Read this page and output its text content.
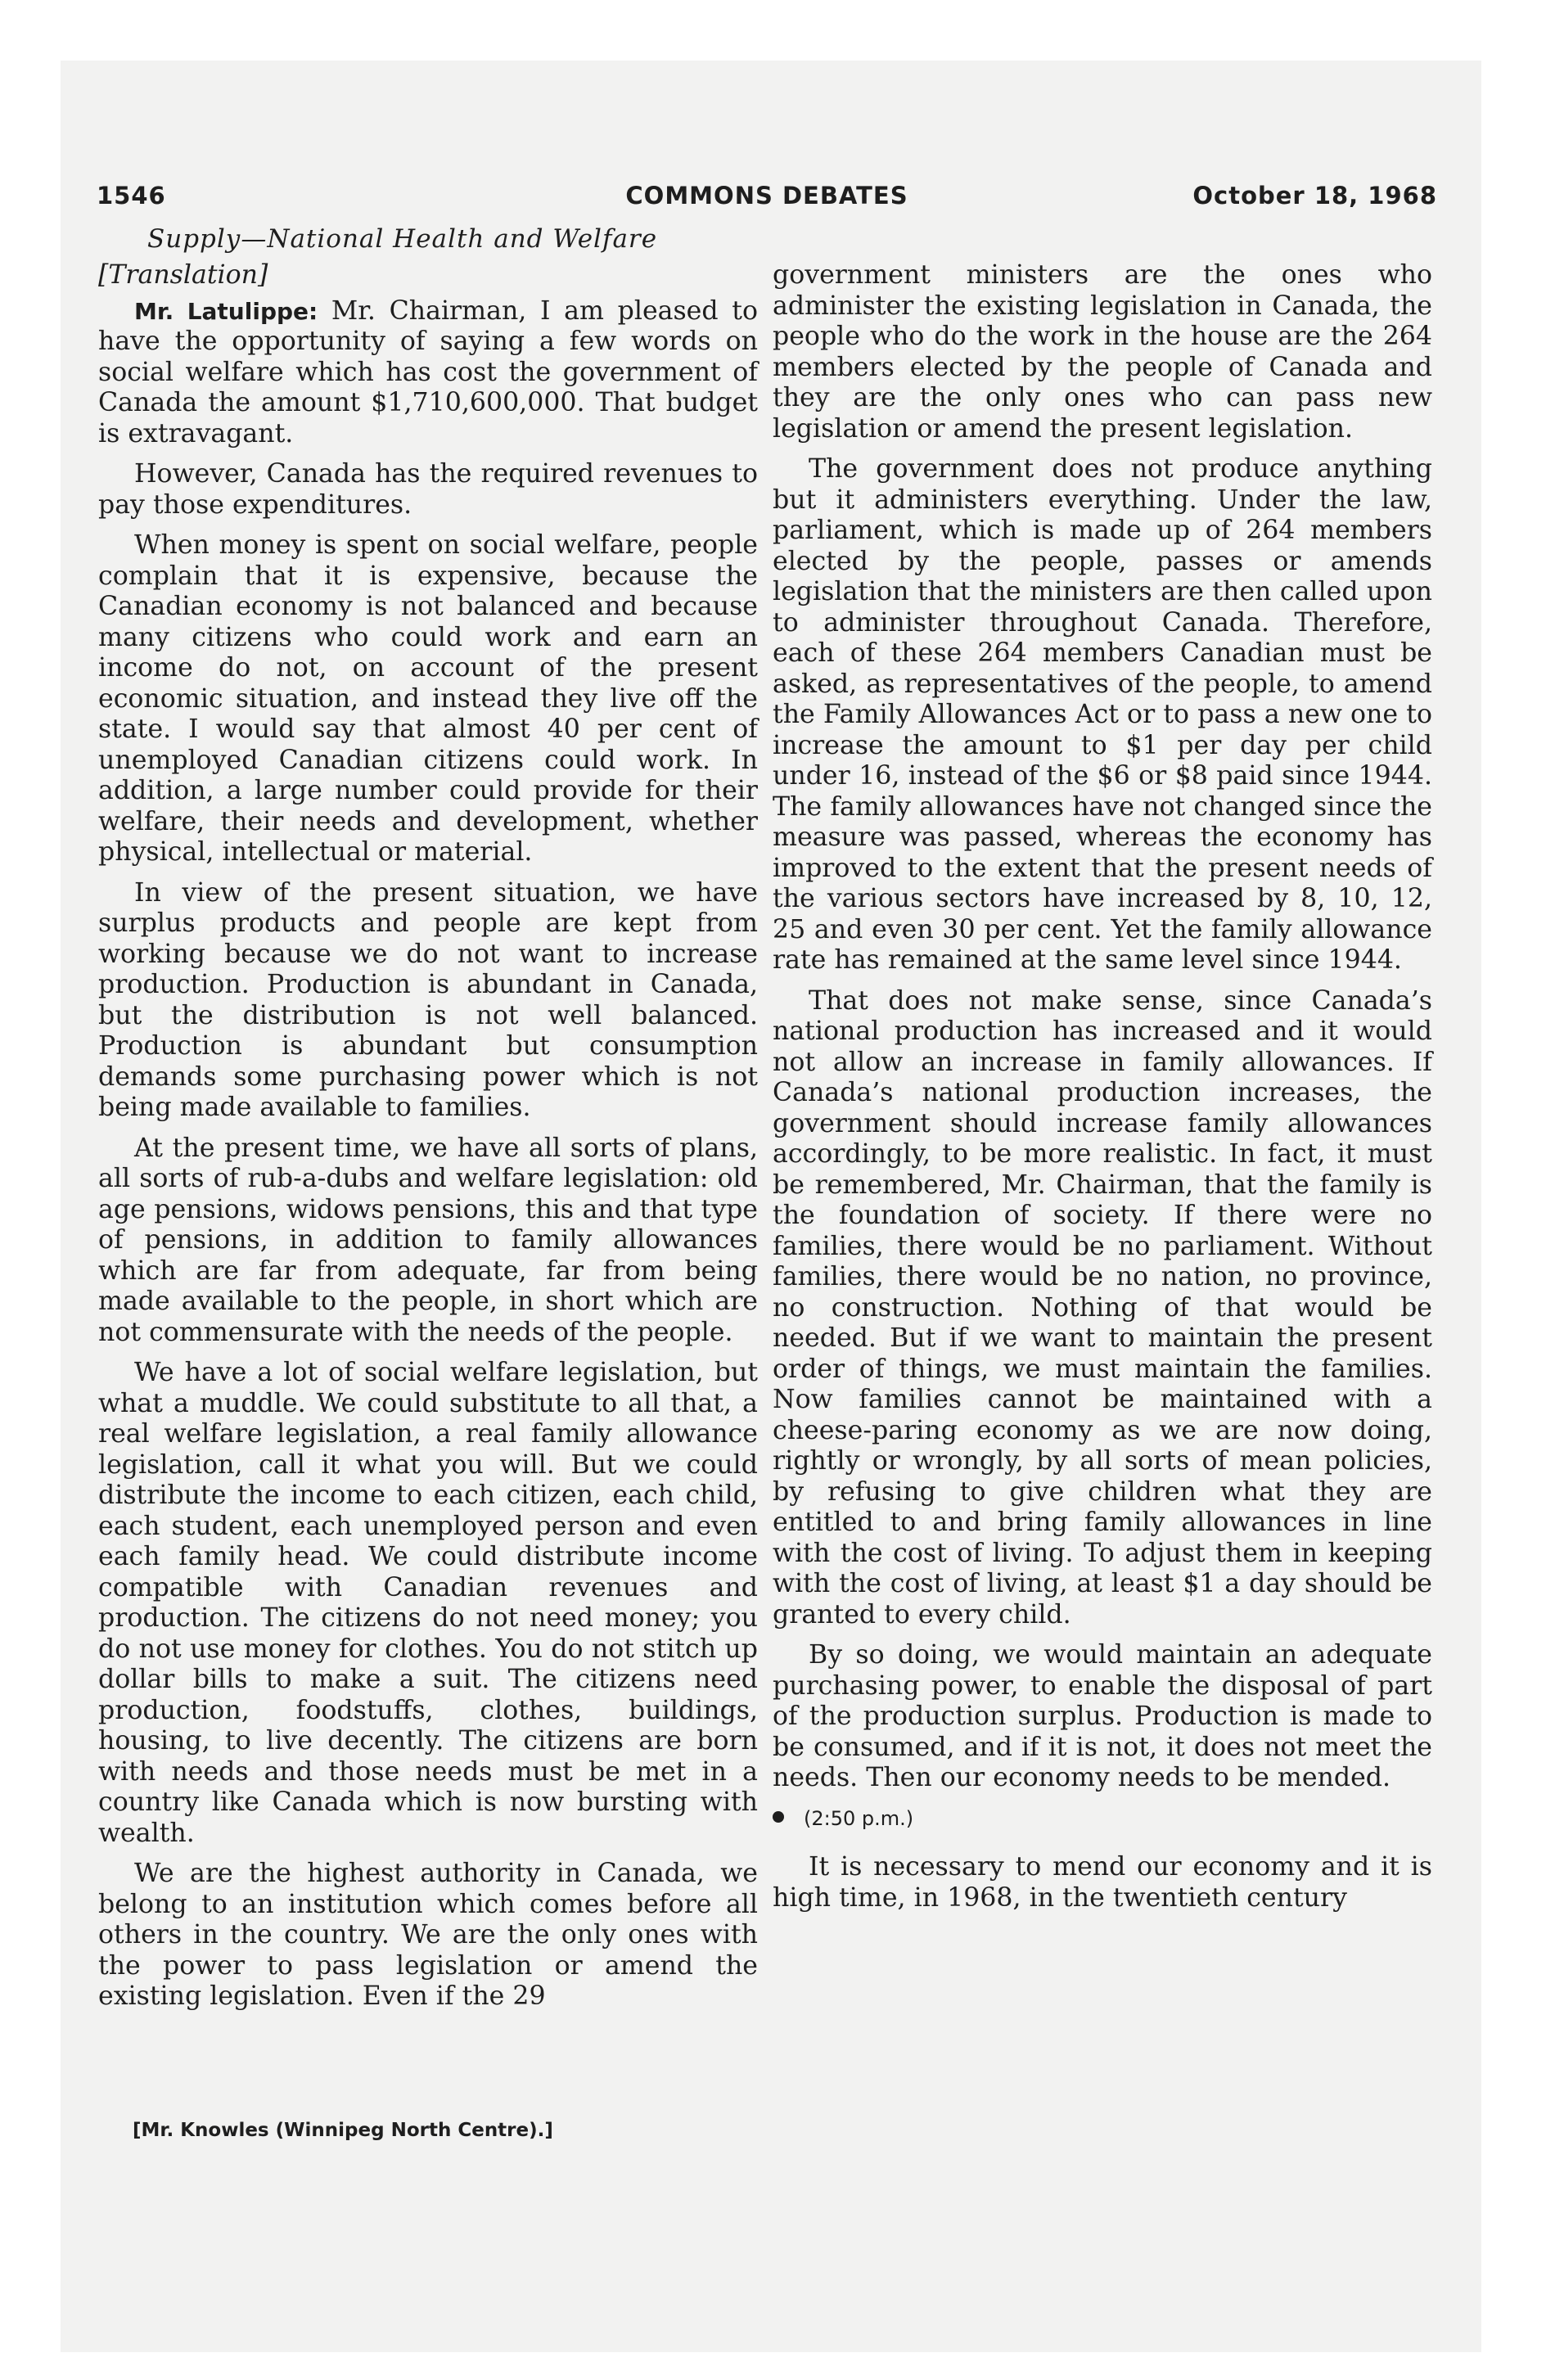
1546	COMMONS DEBATES	October 18, 1968
Supply—National Health and Welfare

[Translation]

Mr. Latulippe: Mr. Chairman, I am pleased to have the opportunity of saying a few words on social welfare which has cost the government of Canada the amount $1,710,600,000. That budget is extravagant.

However, Canada has the required revenues to pay those expenditures.

When money is spent on social welfare, people complain that it is expensive, because the Canadian economy is not balanced and because many citizens who could work and earn an income do not, on account of the present economic situation, and instead they live off the state. I would say that almost 40 per cent of unemployed Canadian citizens could work. In addition, a large number could provide for their welfare, their needs and development, whether physical, intellectual or material.

In view of the present situation, we have surplus products and people are kept from working because we do not want to increase production. Production is abundant in Canada, but the distribution is not well balanced. Production is abundant but consumption demands some purchasing power which is not being made available to families.

At the present time, we have all sorts of plans, all sorts of rub-a-dubs and welfare legislation: old age pensions, widows pensions, this and that type of pensions, in addition to family allowances which are far from adequate, far from being made available to the people, in short which are not commensurate with the needs of the people.

We have a lot of social welfare legislation, but what a muddle. We could substitute to all that, a real welfare legislation, a real family allowance legislation, call it what you will. But we could distribute the income to each citizen, each child, each student, each unemployed person and even each family head. We could distribute income compatible with Canadian revenues and production. The citizens do not need money; you do not use money for clothes. You do not stitch up dollar bills to make a suit. The citizens need production, foodstuffs, clothes, buildings, housing, to live decently. The citizens are born with needs and those needs must be met in a country like Canada which is now bursting with wealth.

We are the highest authority in Canada, we belong to an institution which comes before all others in the country. We are the only ones with the power to pass legislation or amend the existing legislation. Even if the 29

government ministers are the ones who administer the existing legislation in Canada, the people who do the work in the house are the 264 members elected by the people of Canada and they are the only ones who can pass new legislation or amend the present legislation.

The government does not produce anything but it administers everything. Under the law, parliament, which is made up of 264 members elected by the people, passes or amends legislation that the ministers are then called upon to administer throughout Canada. Therefore, each of these 264 members Canadian must be asked, as representatives of the people, to amend the Family Allowances Act or to pass a new one to increase the amount to $1 per day per child under 16, instead of the $6 or $8 paid since 1944. The family allowances have not changed since the measure was passed, whereas the economy has improved to the extent that the present needs of the various sectors have increased by 8, 10, 12, 25 and even 30 per cent. Yet the family allowance rate has remained at the same level since 1944.

That does not make sense, since Canada’s national production has increased and it would not allow an increase in family allowances. If Canada’s national production increases, the government should increase family allowances accordingly, to be more realistic. In fact, it must be remembered, Mr. Chairman, that the family is the foundation of society. If there were no families, there would be no parliament. Without families, there would be no nation, no province, no construction. Nothing of that would be needed. But if we want to maintain the present order of things, we must maintain the families. Now families cannot be maintained with a cheese-paring economy as we are now doing, rightly or wrongly, by all sorts of mean policies, by refusing to give children what they are entitled to and bring family allowances in line with the cost of living. To adjust them in keeping with the cost of living, at least $1 a day should be granted to every child.

By so doing, we would maintain an adequate purchasing power, to enable the disposal of part of the production surplus. Production is made to be consumed, and if it is not, it does not meet the needs. Then our economy needs to be mended.

(2:50 p.m.)

It is necessary to mend our economy and it is high time, in 1968, in the twentieth century

[Mr. Knowles (Winnipeg North Centre).]
